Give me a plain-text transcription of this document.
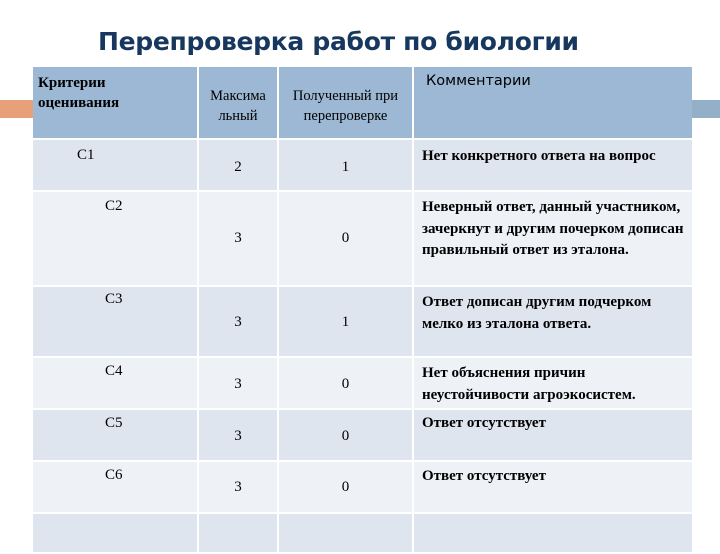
Перепроверка работ по биологии
Критерии оценивания	Максима льный	Полученный при перепроверке	Комментарии

С1	2	1	Нет конкретного ответа на вопрос

С2	3	0	Неверный ответ, данный участником, зачеркнут и другим почерком дописан правильный ответ из эталона.

С3	3	1	Ответ дописан другим подчерком мелко из эталона ответа.

С4	3	0	Нет объяснения причин неустойчивости агроэкосистем.

С5	3	0	Ответ отсутствует

С6	3	0	Ответ отсутствует
